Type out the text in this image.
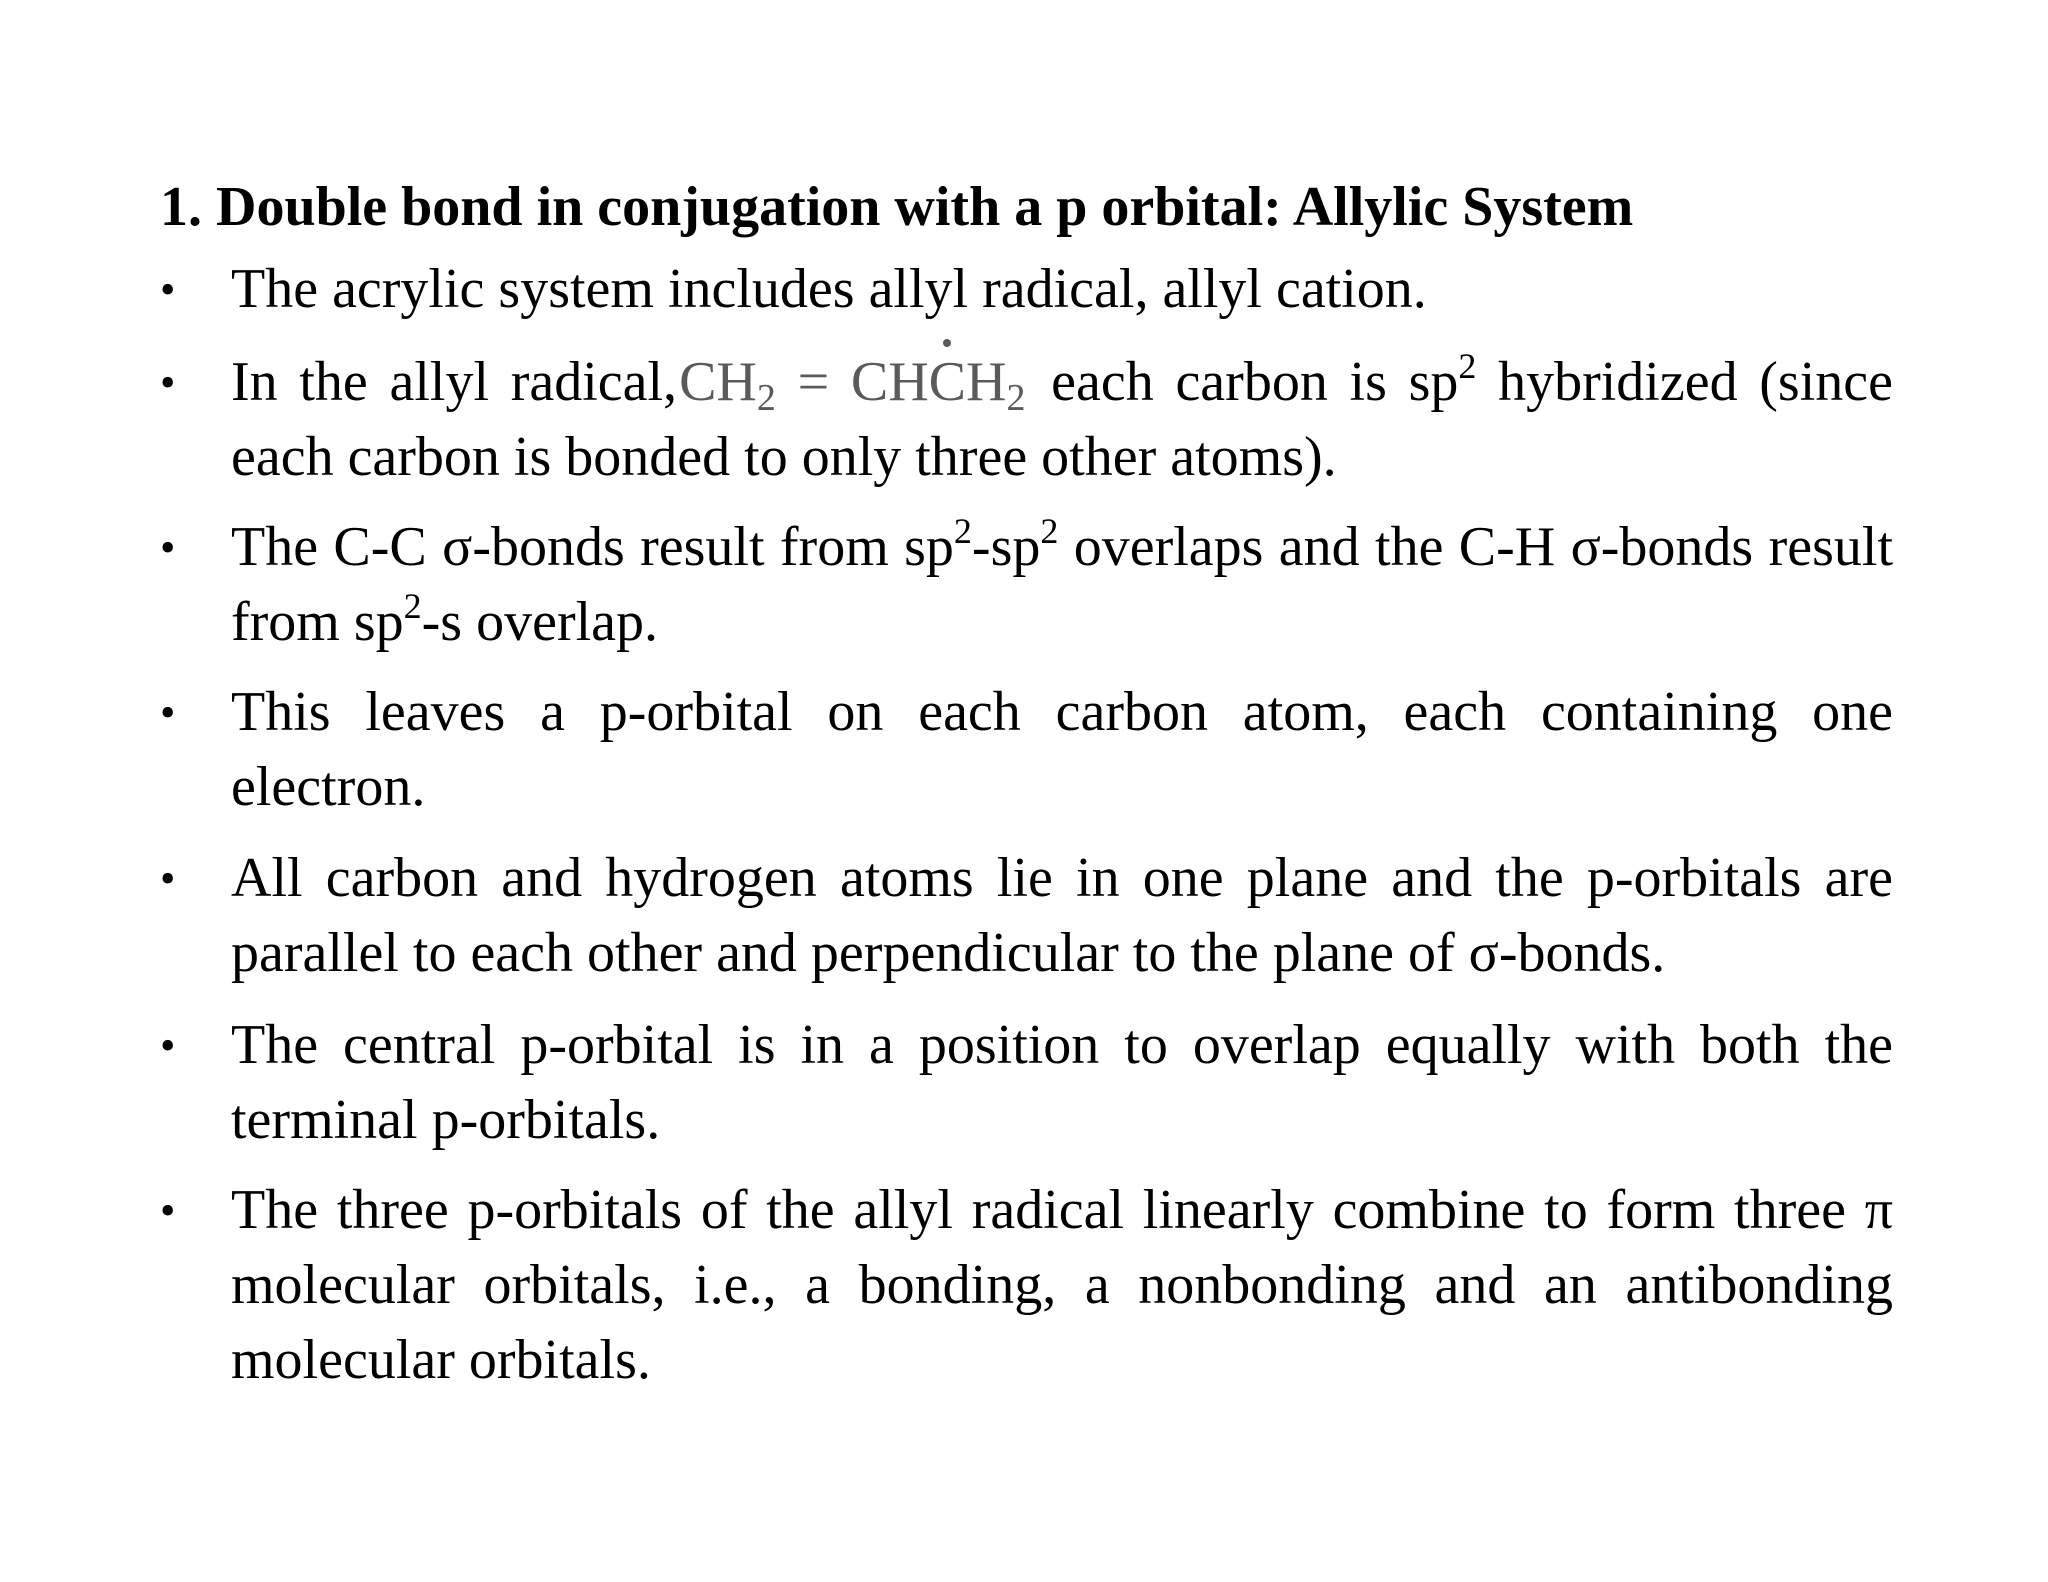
1. Double bond in conjugation with a p orbital: Allylic System
• The acrylic system includes allyl radical, allyl cation.
• In the allyl $radical,CH_2$ = CH
$CH_2$ each carbon is $sp^2$ hybridized (since each carbon is bonded to only three other atoms).
• The C-C σ-bonds result from $sp^2-sp^2$ overlaps and the C-H σ-bonds result from $sp^2-s$ overlap.
• This leaves a p-orbital on each carbon atom, each containing one electron.
• All carbon and hydrogen atoms lie in one plane and the p-orbitals are parallel to each other and perpendicular to the plane of σ-bonds.
• The central p-orbital is in a position to overlap equally with both the terminal p-orbitals.
• The three p-orbitals of the allyl radical linearly combine to form three π molecular orbitals, i.e., a bonding, a nonbonding and an antibonding molecular orbitals.
